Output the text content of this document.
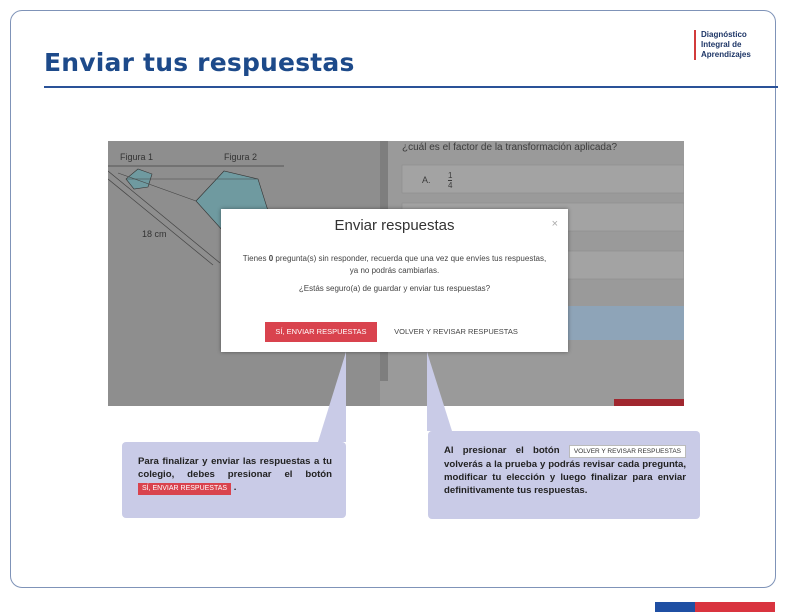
Enviar tus respuestas
Diagnóstico
Integral de
Aprendizajes
Figura 1	Figura 2
18 cm
¿cuál es el factor de la transformación aplicada?
A. $\frac{1}{4}$
Enviar respuestas	×
Tienes 0 pregunta(s) sin responder, recuerda que una vez que envíes tus respuestas, ya no podrás cambiarlas.
¿Estás seguro(a) de guardar y enviar tus respuestas?
SÍ, ENVIAR RESPUESTAS	VOLVER Y REVISAR RESPUESTAS
Para finalizar y enviar las respuestas a tu colegio, debes presionar el botón SÍ, ENVIAR RESPUESTAS .
Al presionar el botón VOLVER Y REVISAR RESPUESTAS volverás a la prueba y podrás revisar cada pregunta, modificar tu elección y luego finalizar para enviar definitivamente tus respuestas.
